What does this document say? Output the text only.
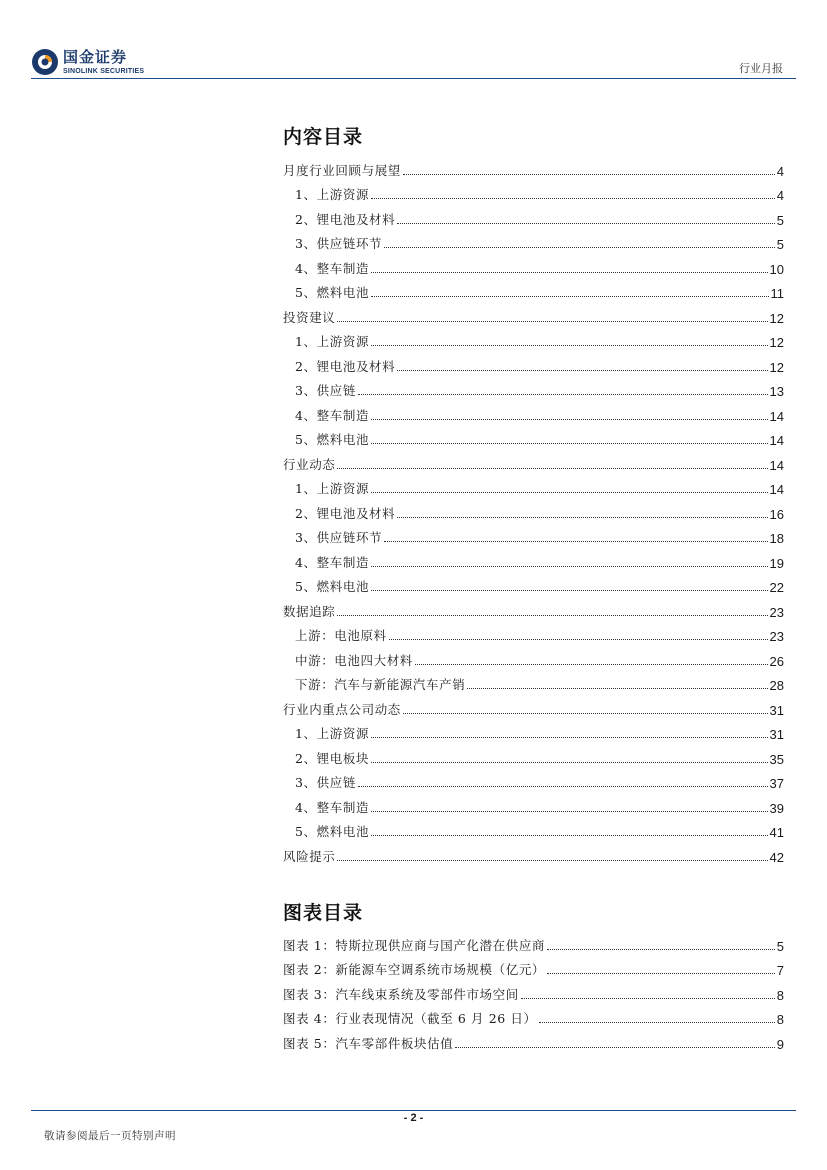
国金证券
SINOLINK SECURITIES	行业月报
内容目录
月度行业回顾与展望	4
1、上游资源	4
2、锂电池及材料	5
3、供应链环节	5
4、整车制造	10
5、燃料电池	11
投资建议	12
1、上游资源	12
2、锂电池及材料	12
3、供应链	13
4、整车制造	14
5、燃料电池	14
行业动态	14
1、上游资源	14
2、锂电池及材料	16
3、供应链环节	18
4、整车制造	19
5、燃料电池	22
数据追踪	23
上游：电池原料	23
中游：电池四大材料	26
下游：汽车与新能源汽车产销	28
行业内重点公司动态	31
1、上游资源	31
2、锂电板块	35
3、供应链	37
4、整车制造	39
5、燃料电池	41
风险提示	42
图表目录
图表 1：特斯拉现供应商与国产化潜在供应商	5
图表 2：新能源车空调系统市场规模（亿元）	7
图表 3：汽车线束系统及零部件市场空间	8
图表 4：行业表现情况（截至 6 月 26 日）	8
图表 5：汽车零部件板块估值	9
- 2 -
敬请参阅最后一页特别声明
